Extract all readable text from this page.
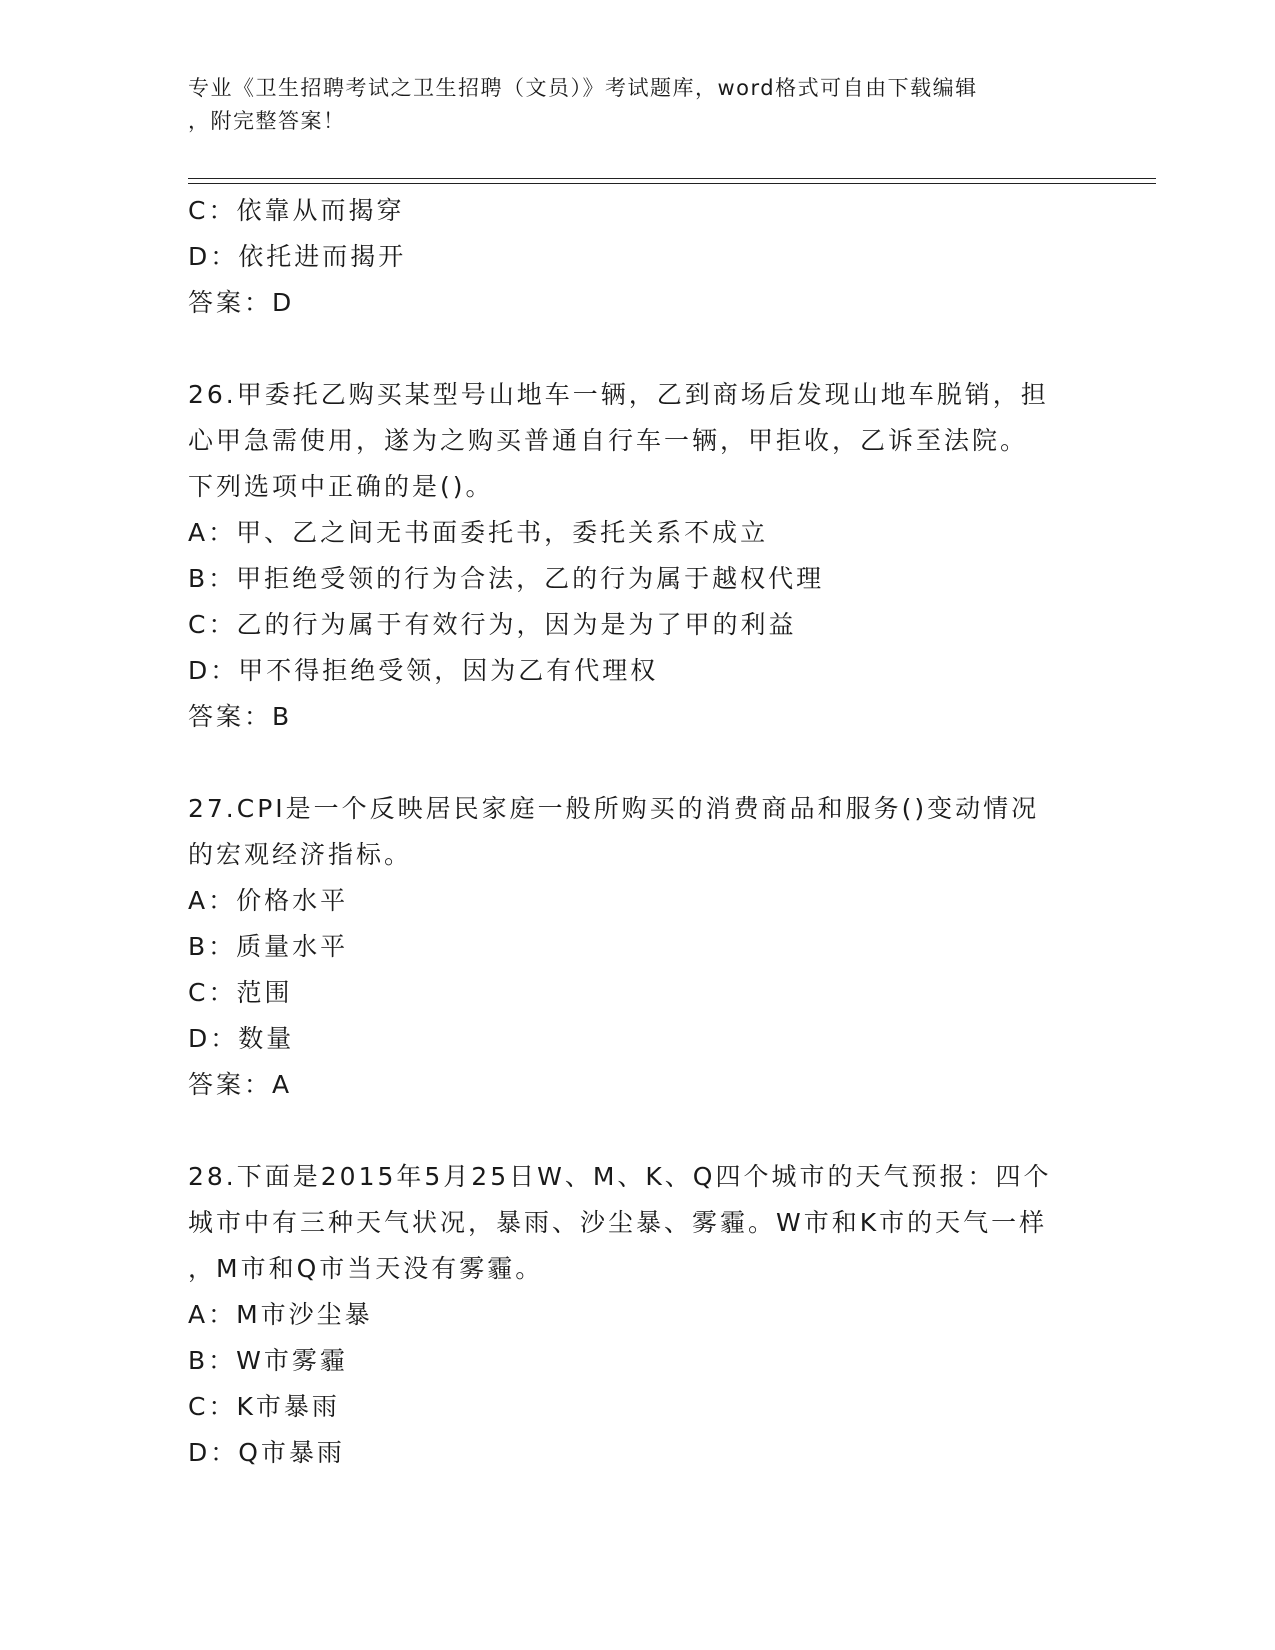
专业《卫生招聘考试之卫生招聘（文员）》考试题库，word格式可自由下载编辑
，附完整答案！
C：依靠从而揭穿
D：依托进而揭开
答案：D
26.甲委托乙购买某型号山地车一辆，乙到商场后发现山地车脱销，担
心甲急需使用，遂为之购买普通自行车一辆，甲拒收，乙诉至法院。
下列选项中正确的是()。
A：甲、乙之间无书面委托书，委托关系不成立
B：甲拒绝受领的行为合法，乙的行为属于越权代理
C：乙的行为属于有效行为，因为是为了甲的利益
D：甲不得拒绝受领，因为乙有代理权
答案：B
27.CPI是一个反映居民家庭一般所购买的消费商品和服务()变动情况
的宏观经济指标。
A：价格水平
B：质量水平
C：范围
D：数量
答案：A
28.下面是2015年5月25日W、M、K、Q四个城市的天气预报：四个
城市中有三种天气状况，暴雨、沙尘暴、雾霾。W市和K市的天气一样
，M市和Q市当天没有雾霾。
A：M市沙尘暴
B：W市雾霾
C：K市暴雨
D：Q市暴雨
